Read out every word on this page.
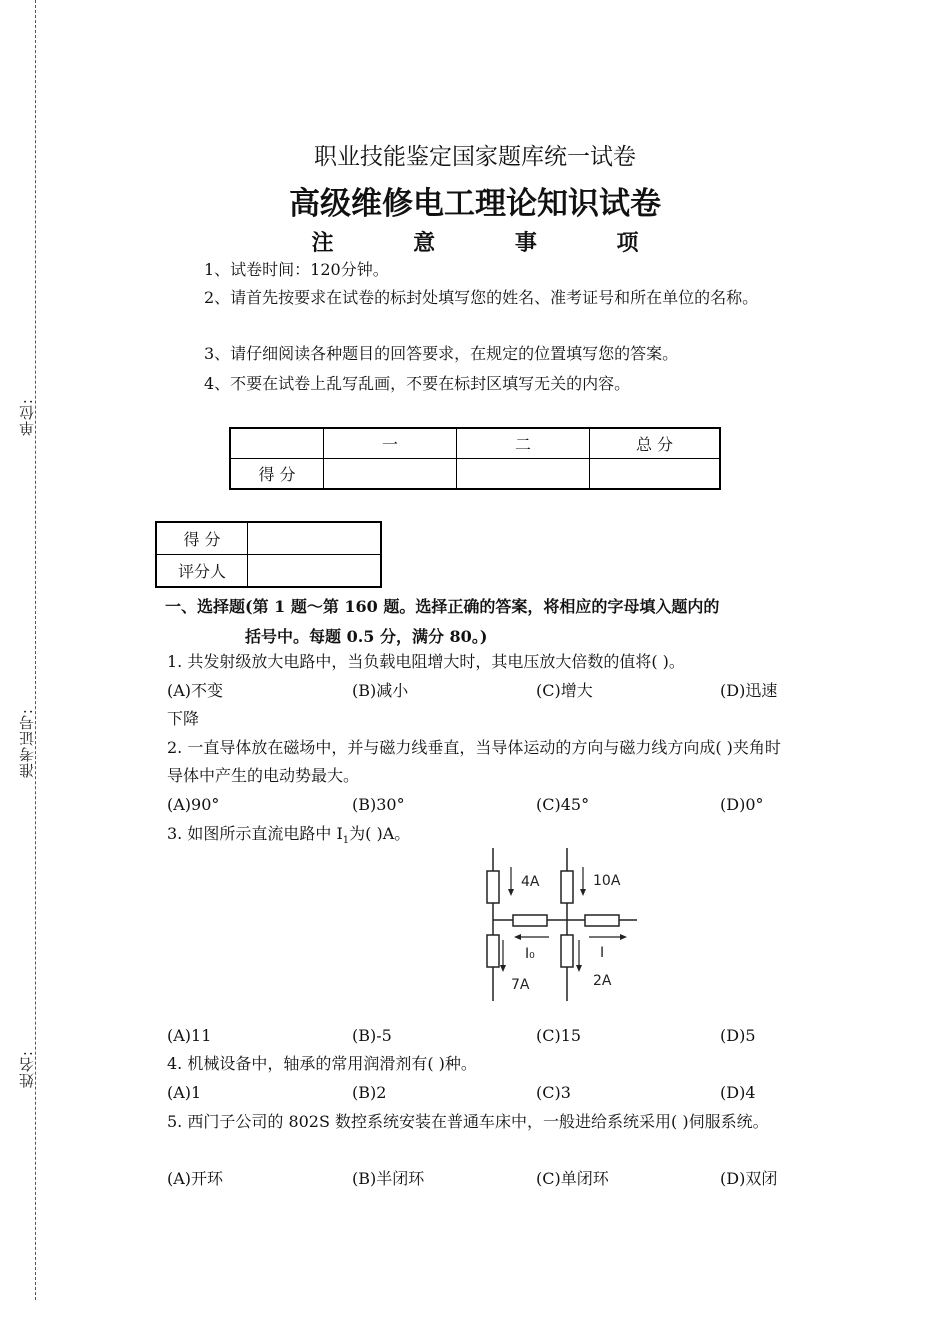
单位:
准考证号:
姓名:
职业技能鉴定国家题库统一试卷
高级维修电工理论知识试卷
注 意 事 项
1、试卷时间：120分钟。
2、请首先按要求在试卷的标封处填写您的姓名、准考证号和所在单位的名称。
3、请仔细阅读各种题目的回答要求，在规定的位置填写您的答案。
4、不要在试卷上乱写乱画，不要在标封区填写无关的内容。
	一	二	总 分
得 分			
得 分	
评分人	
一、选择题(第 1 题～第 160 题。选择正确的答案，将相应的字母填入题内的
括号中。每题 0.5 分，满分 80。)
1. 共发射级放大电路中，当负载电阻增大时，其电压放大倍数的值将( )。
(A)不变	(B)减小	(C)增大	(D)迅速
下降
2. 一直导体放在磁场中，并与磁力线垂直，当导体运动的方向与磁力线方向成( )夹角时导体中产生的电动势最大。
(A)90°	(B)30°	(C)45°	(D)0°
3. 如图所示直流电路中 $I_1$为( )A。
4A	10A
I₀	I
7A	2A
(A)11	(B)-5	(C)15	(D)5
4. 机械设备中，轴承的常用润滑剂有( )种。
(A)1	(B)2	(C)3	(D)4
5. 西门子公司的 802S 数控系统安装在普通车床中，一般进给系统采用( )伺服系统。
(A)开环	(B)半闭环	(C)单闭环	(D)双闭
